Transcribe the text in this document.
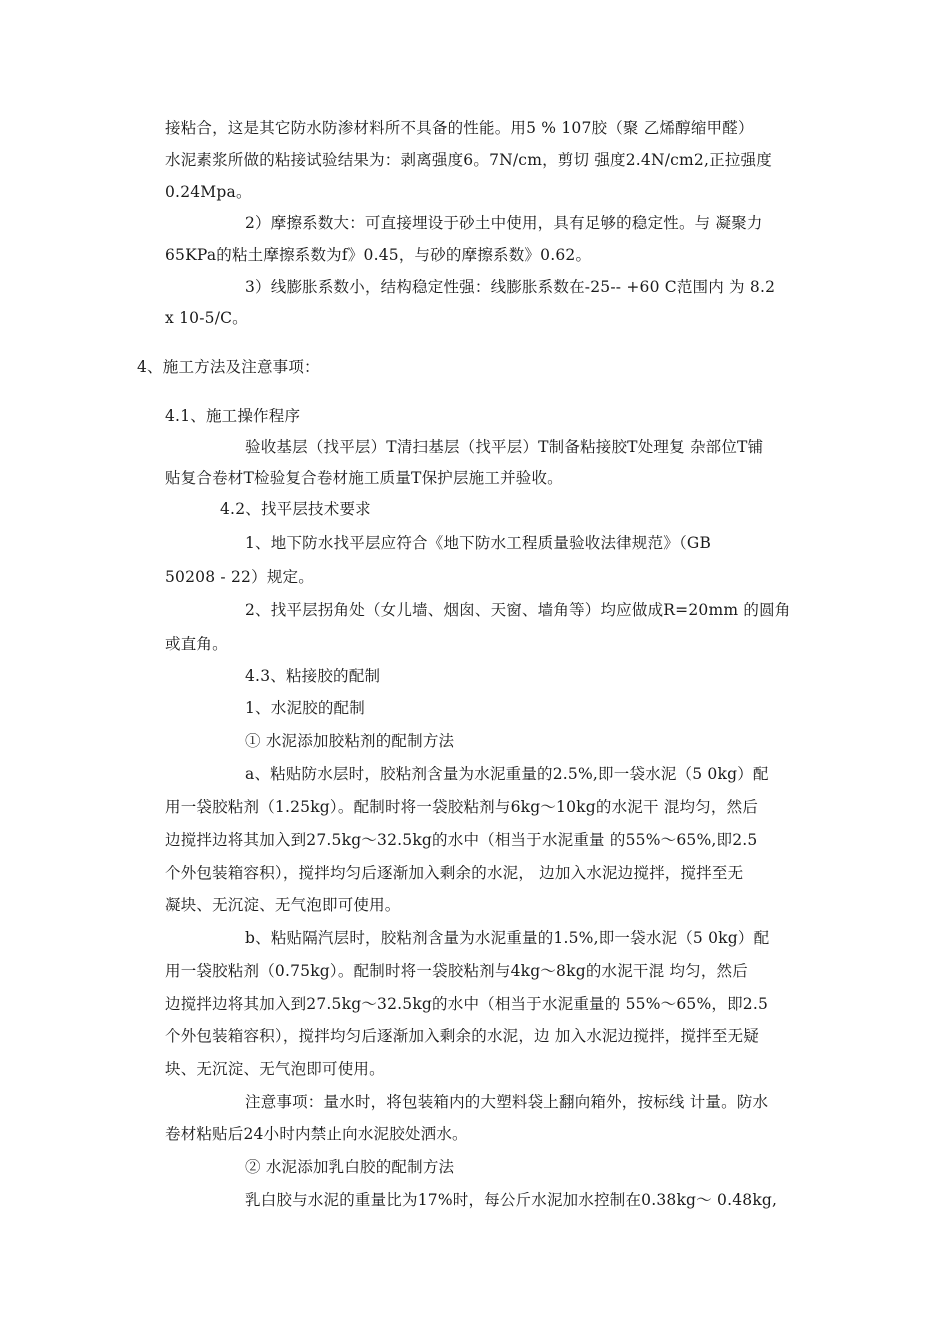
接粘合，这是其它防水防渗材料所不具备的性能。用5 % 107胶（聚 乙烯醇缩甲醛）
水泥素浆所做的粘接试验结果为：剥离强度6。7N/cm，剪切 强度2.4N/cm2,正拉强度
0.24Mpa。
2）摩擦系数大：可直接埋设于砂土中使用，具有足够的稳定性。与 凝聚力
65KPa的粘土摩擦系数为f》0.45，与砂的摩擦系数》0.62。
3）线膨胀系数小，结构稳定性强：线膨胀系数在-25-- +60 C范围内 为 8.2
x 10-5/C。
4、施工方法及注意事项：
4.1、施工操作程序
验收基层（找平层）T清扫基层（找平层）T制备粘接胶T处理复 杂部位T铺
贴复合卷材T检验复合卷材施工质量T保护层施工并验收。
4.2、找平层技术要求
1、地下防水找平层应符合《地下防水工程质量验收法律规范》（GB
50208 - 22）规定。
2、找平层拐角处（女儿墙、烟囱、天窗、墙角等）均应做成R=20mm 的圆角
或直角。
4.3、粘接胶的配制
1、水泥胶的配制
① 水泥添加胶粘剂的配制方法
a、粘贴防水层时，胶粘剂含量为水泥重量的2.5%,即一袋水泥（5 0kg）配
用一袋胶粘剂（1.25kg）。配制时将一袋胶粘剂与6kg〜10kg的水泥干 混均匀，然后
边搅拌边将其加入到27.5kg〜32.5kg的水中（相当于水泥重量 的55%〜65%,即2.5
个外包装箱容积），搅拌均匀后逐渐加入剩余的水泥， 边加入水泥边搅拌，搅拌至无
凝块、无沉淀、无气泡即可使用。
b、粘贴隔汽层时，胶粘剂含量为水泥重量的1.5%,即一袋水泥（5 0kg）配
用一袋胶粘剂（0.75kg）。配制时将一袋胶粘剂与4kg〜8kg的水泥干混 均匀，然后
边搅拌边将其加入到27.5kg〜32.5kg的水中（相当于水泥重量的 55%〜65%，即2.5
个外包装箱容积），搅拌均匀后逐渐加入剩余的水泥，边 加入水泥边搅拌，搅拌至无疑
块、无沉淀、无气泡即可使用。
注意事项：量水时，将包装箱内的大塑料袋上翻向箱外，按标线 计量。防水
卷材粘贴后24小时内禁止向水泥胶处洒水。
② 水泥添加乳白胶的配制方法
乳白胶与水泥的重量比为17%时，每公斤水泥加水控制在0.38kg〜 0.48kg,
